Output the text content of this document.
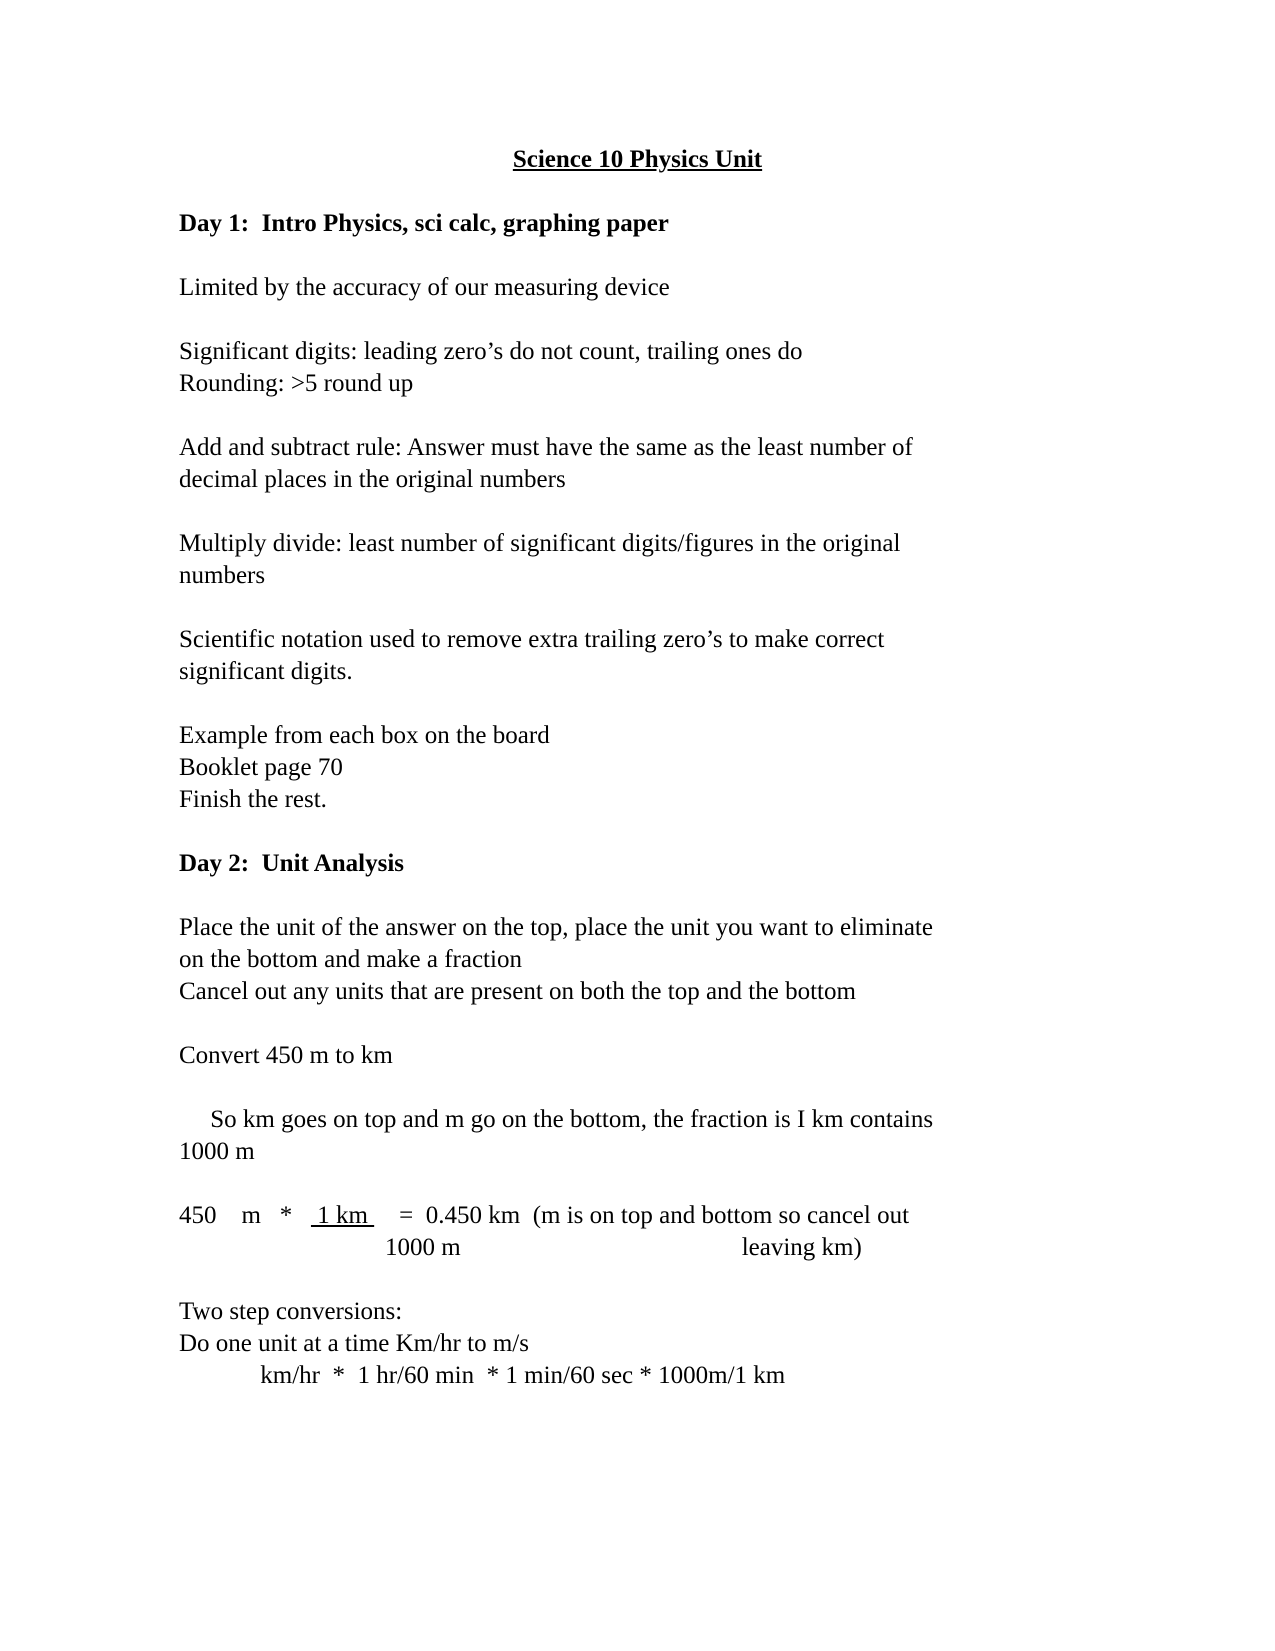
Science 10 Physics Unit
Day 1:  Intro Physics, sci calc, graphing paper
Limited by the accuracy of our measuring device
Significant digits: leading zero’s do not count, trailing ones do
Rounding: >5 round up
Add and subtract rule: Answer must have the same as the least number of
decimal places in the original numbers
Multiply divide: least number of significant digits/figures in the original
numbers
Scientific notation used to remove extra trailing zero’s to make correct
significant digits.
Example from each box on the board
Booklet page 70
Finish the rest.
Day 2:  Unit Analysis
Place the unit of the answer on the top, place the unit you want to eliminate
on the bottom and make a fraction
Cancel out any units that are present on both the top and the bottom
Convert 450 m to km
So km goes on top and m go on the bottom, the fraction is I km contains
1000 m
450    m   *    1 km     =  0.450 km  (m is on top and bottom so cancel out
1000 m	leaving km)
Two step conversions:
Do one unit at a time Km/hr to m/s
km/hr  *  1 hr/60 min  * 1 min/60 sec * 1000m/1 km
